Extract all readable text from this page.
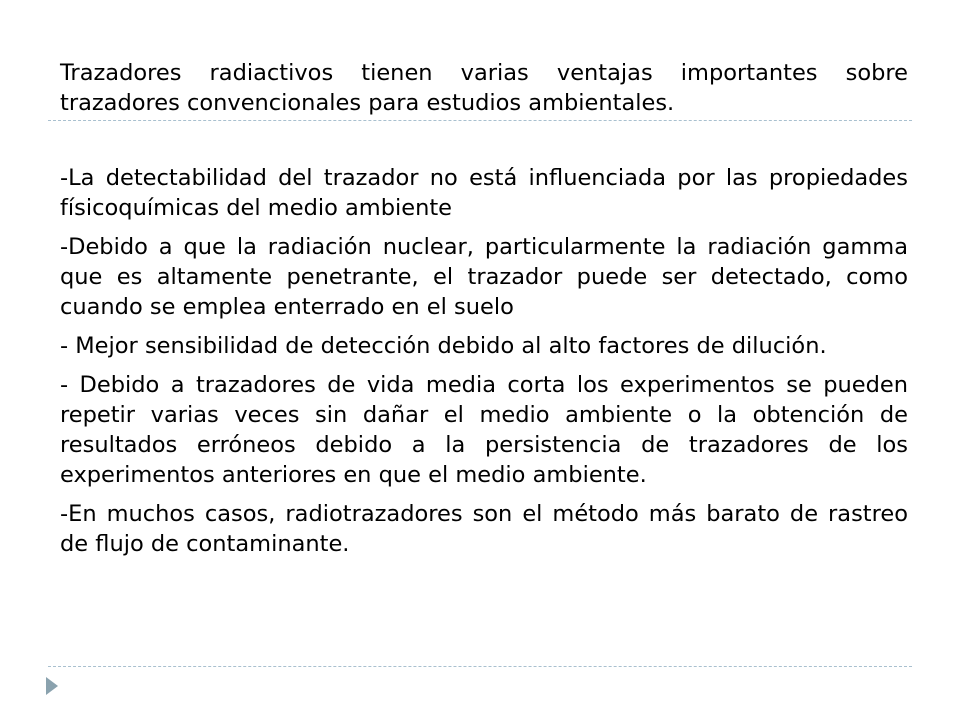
Trazadores radiactivos tienen varias ventajas importantes sobre trazadores convencionales para estudios ambientales.

-La detectabilidad del trazador no está influenciada por las propiedades físicoquímicas del medio ambiente

-Debido a que la radiación nuclear, particularmente la radiación gamma que es altamente penetrante, el trazador puede ser detectado, como cuando se emplea enterrado en el suelo

- Mejor sensibilidad de detección debido al alto factores de dilución.

- Debido a trazadores de vida media corta los experimentos se pueden repetir varias veces sin dañar el medio ambiente o la obtención de resultados erróneos debido a la persistencia de trazadores de los experimentos anteriores en que el medio ambiente.

-En muchos casos, radiotrazadores son el método más barato de rastreo de flujo de contaminante.
